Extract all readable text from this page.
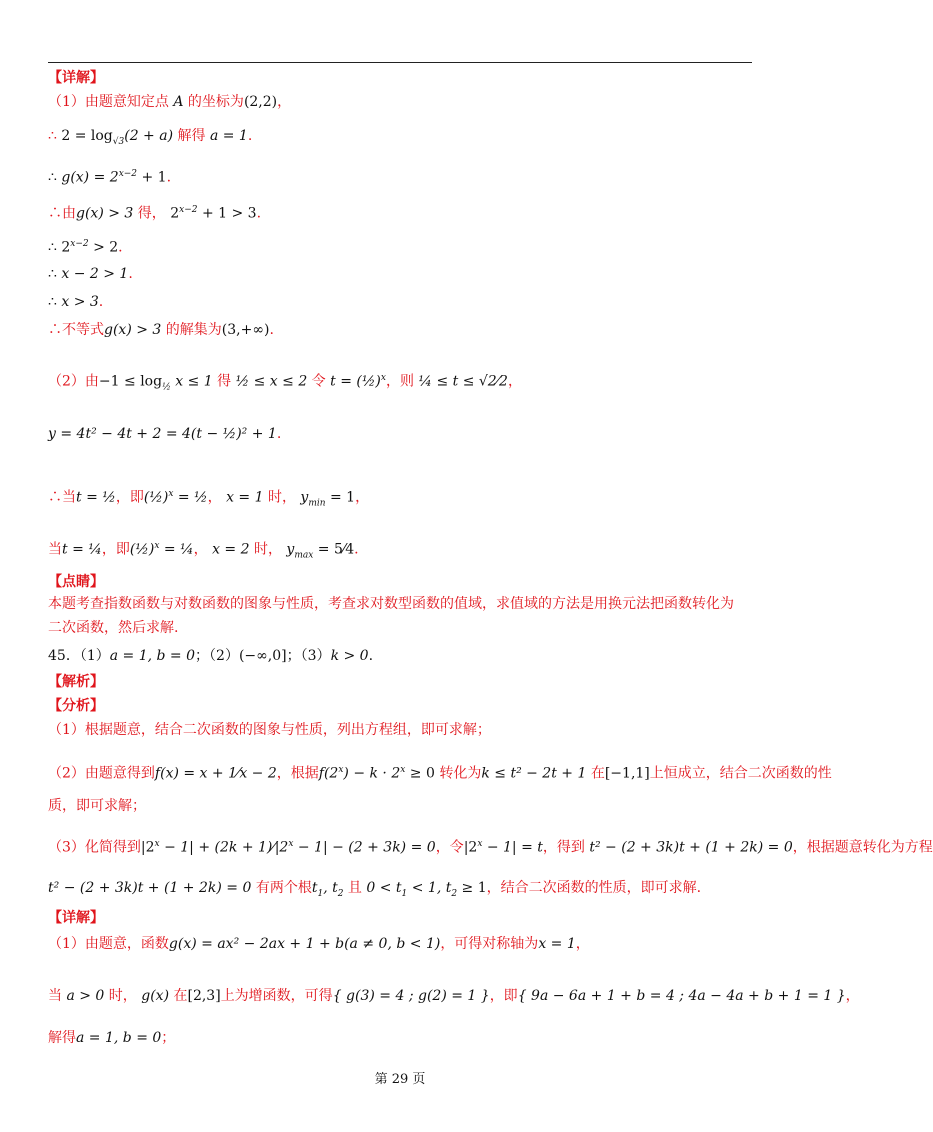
【详解】
（1）由题意知定点 A 的坐标为(2,2)，
∴ $2 = \log_{√3}(2 + a)$ 解得 a = 1.
∴ $g(x) = 2^{x-2} + 1$.
∴由g(x) > 3 得， $2^{x-2} + 1 > 3$.
∴ $2^{x-2} > 2$.
∴ x − 2 > 1.
∴ x > 3.
∴不等式g(x) > 3 的解集为(3,+∞).
（2）由$-1 \le \log_{\frac{1}{2}} x \le 1$ 得 ½ ≤ x ≤ 2 令 t = (½)$^x$，则 ¼ ≤ t ≤ √2⁄2，
y = 4t² − 4t + 2 = 4(t − ½)² + 1.
∴当t = ½，即(½)$^x$ = ½， x = 1 时， $y_{min} = 1$，
当t = ¼，即(½)$^x$ = ¼， x = 2 时， $y_{max}$ = 5⁄4.
【点睛】
本题考查指数函数与对数函数的图象与性质，考查求对数型函数的值域，求值域的方法是用换元法把函数转化为
二次函数，然后求解.
45．（1）a = 1, b = 0；（2）(−∞,0]；（3）k > 0.
【解析】
【分析】
（1）根据题意，结合二次函数的图象与性质，列出方程组，即可求解；
（2）由题意得到f(x) = x + 1⁄x − 2，根据$f(2^x) - k \cdot 2^x \ge 0$ 转化为k ≤ t² − 2t + 1 在[−1,1]上恒成立，结合二次函数的性
质，即可求解；
（3）化简得到$|2^x - 1| + (2k$ + $1)⁄|2^x - 1| - (2 + 3k) = 0$，令$|2^x - 1| = t$，得到 t² − (2 + 3k)t + (1 + 2k) = 0，根据题意转化为方程
t² − (2 + 3k)t + (1 + 2k) = 0 有两个根$t_1$, $t_2$ 且 $0 < t_1 < 1$, $t_2 \ge 1$，结合二次函数的性质，即可求解.
【详解】
（1）由题意，函数g(x) = ax² − 2ax + 1 + b(a ≠ 0, b < 1)，可得对称轴为x = 1，
当 a > 0 时， g(x) 在[2,3]上为增函数，可得{ g(3) = 4 ; g(2) = 1 }，即{ 9a − 6a + 1 + b = 4 ; 4a − 4a + b + 1 = 1 }，
解得a = 1, b = 0；
第 29 页
